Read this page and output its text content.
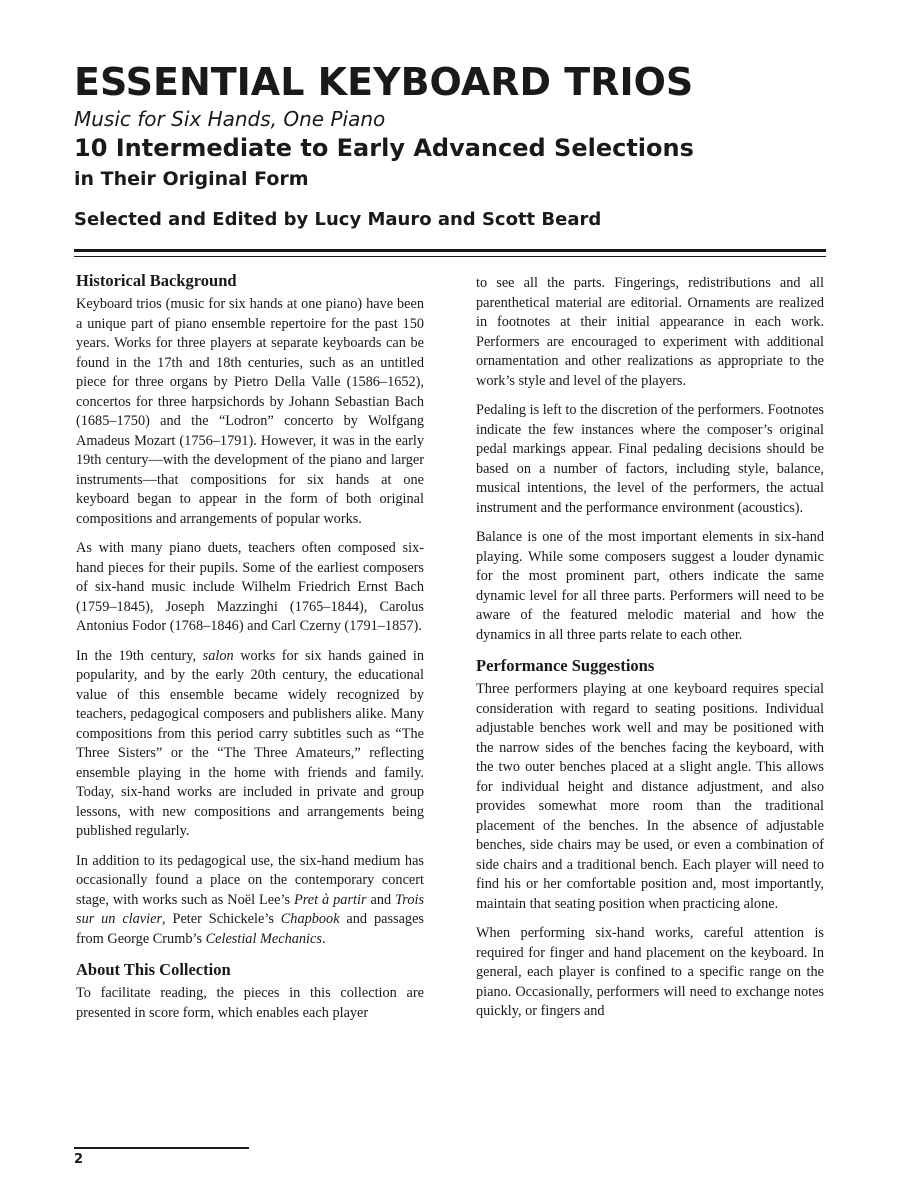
ESSENTIAL KEYBOARD TRIOS
Music for Six Hands, One Piano
10 Intermediate to Early Advanced Selections
in Their Original Form
Selected and Edited by Lucy Mauro and Scott Beard
Historical Background

Keyboard trios (music for six hands at one piano) have been a unique part of piano ensemble repertoire for the past 150 years. Works for three players at separate keyboards can be found in the 17th and 18th centuries, such as an untitled piece for three organs by Pietro Della Valle (1586–1652), concertos for three harpsichords by Johann Sebastian Bach (1685–1750) and the “Lodron” concerto by Wolfgang Amadeus Mozart (1756–1791). However, it was in the early 19th century—with the development of the piano and larger instruments—that compositions for six hands at one keyboard began to appear in the form of both original compositions and arrangements of popular works.

As with many piano duets, teachers often composed six-hand pieces for their pupils. Some of the earliest composers of six-hand music include Wilhelm Friedrich Ernst Bach (1759–1845), Joseph Mazzinghi (1765–1844), Carolus Antonius Fodor (1768–1846) and Carl Czerny (1791–1857).

In the 19th century, salon works for six hands gained in popularity, and by the early 20th century, the educational value of this ensemble became widely recognized by teachers, pedagogical composers and publishers alike. Many compositions from this period carry subtitles such as “The Three Sisters” or the “The Three Amateurs,” reflecting ensemble playing in the home with friends and family. Today, six-hand works are included in private and group lessons, with new compositions and arrangements being published regularly.

In addition to its pedagogical use, the six-hand medium has occasionally found a place on the contemporary concert stage, with works such as Noël Lee’s Pret à partir and Trois sur un clavier, Peter Schickele’s Chapbook and passages from George Crumb’s Celestial Mechanics.

About This Collection

To facilitate reading, the pieces in this collection are presented in score form, which enables each player

to see all the parts. Fingerings, redistributions and all parenthetical material are editorial. Ornaments are realized in footnotes at their initial appearance in each work. Performers are encouraged to experiment with additional ornamentation and other realizations as appropriate to the work’s style and level of the players.

Pedaling is left to the discretion of the performers. Footnotes indicate the few instances where the composer’s original pedal markings appear. Final pedaling decisions should be based on a number of factors, including style, balance, musical intentions, the level of the performers, the actual instrument and the performance environment (acoustics).

Balance is one of the most important elements in six-hand playing. While some composers suggest a louder dynamic for the most prominent part, others indicate the same dynamic level for all three parts. Performers will need to be aware of the featured melodic material and how the dynamics in all three parts relate to each other.

Performance Suggestions

Three performers playing at one keyboard requires special consideration with regard to seating positions. Individual adjustable benches work well and may be positioned with the narrow sides of the benches facing the keyboard, with the two outer benches placed at a slight angle. This allows for individual height and distance adjustment, and also provides somewhat more room than the traditional placement of the benches. In the absence of adjustable benches, side chairs may be used, or even a combination of side chairs and a traditional bench. Each player will need to find his or her comfortable position and, most importantly, maintain that seating position when practicing alone.

When performing six-hand works, careful attention is required for finger and hand placement on the keyboard. In general, each player is confined to a specific range on the piano. Occasionally, performers will need to exchange notes quickly, or fingers and

2
